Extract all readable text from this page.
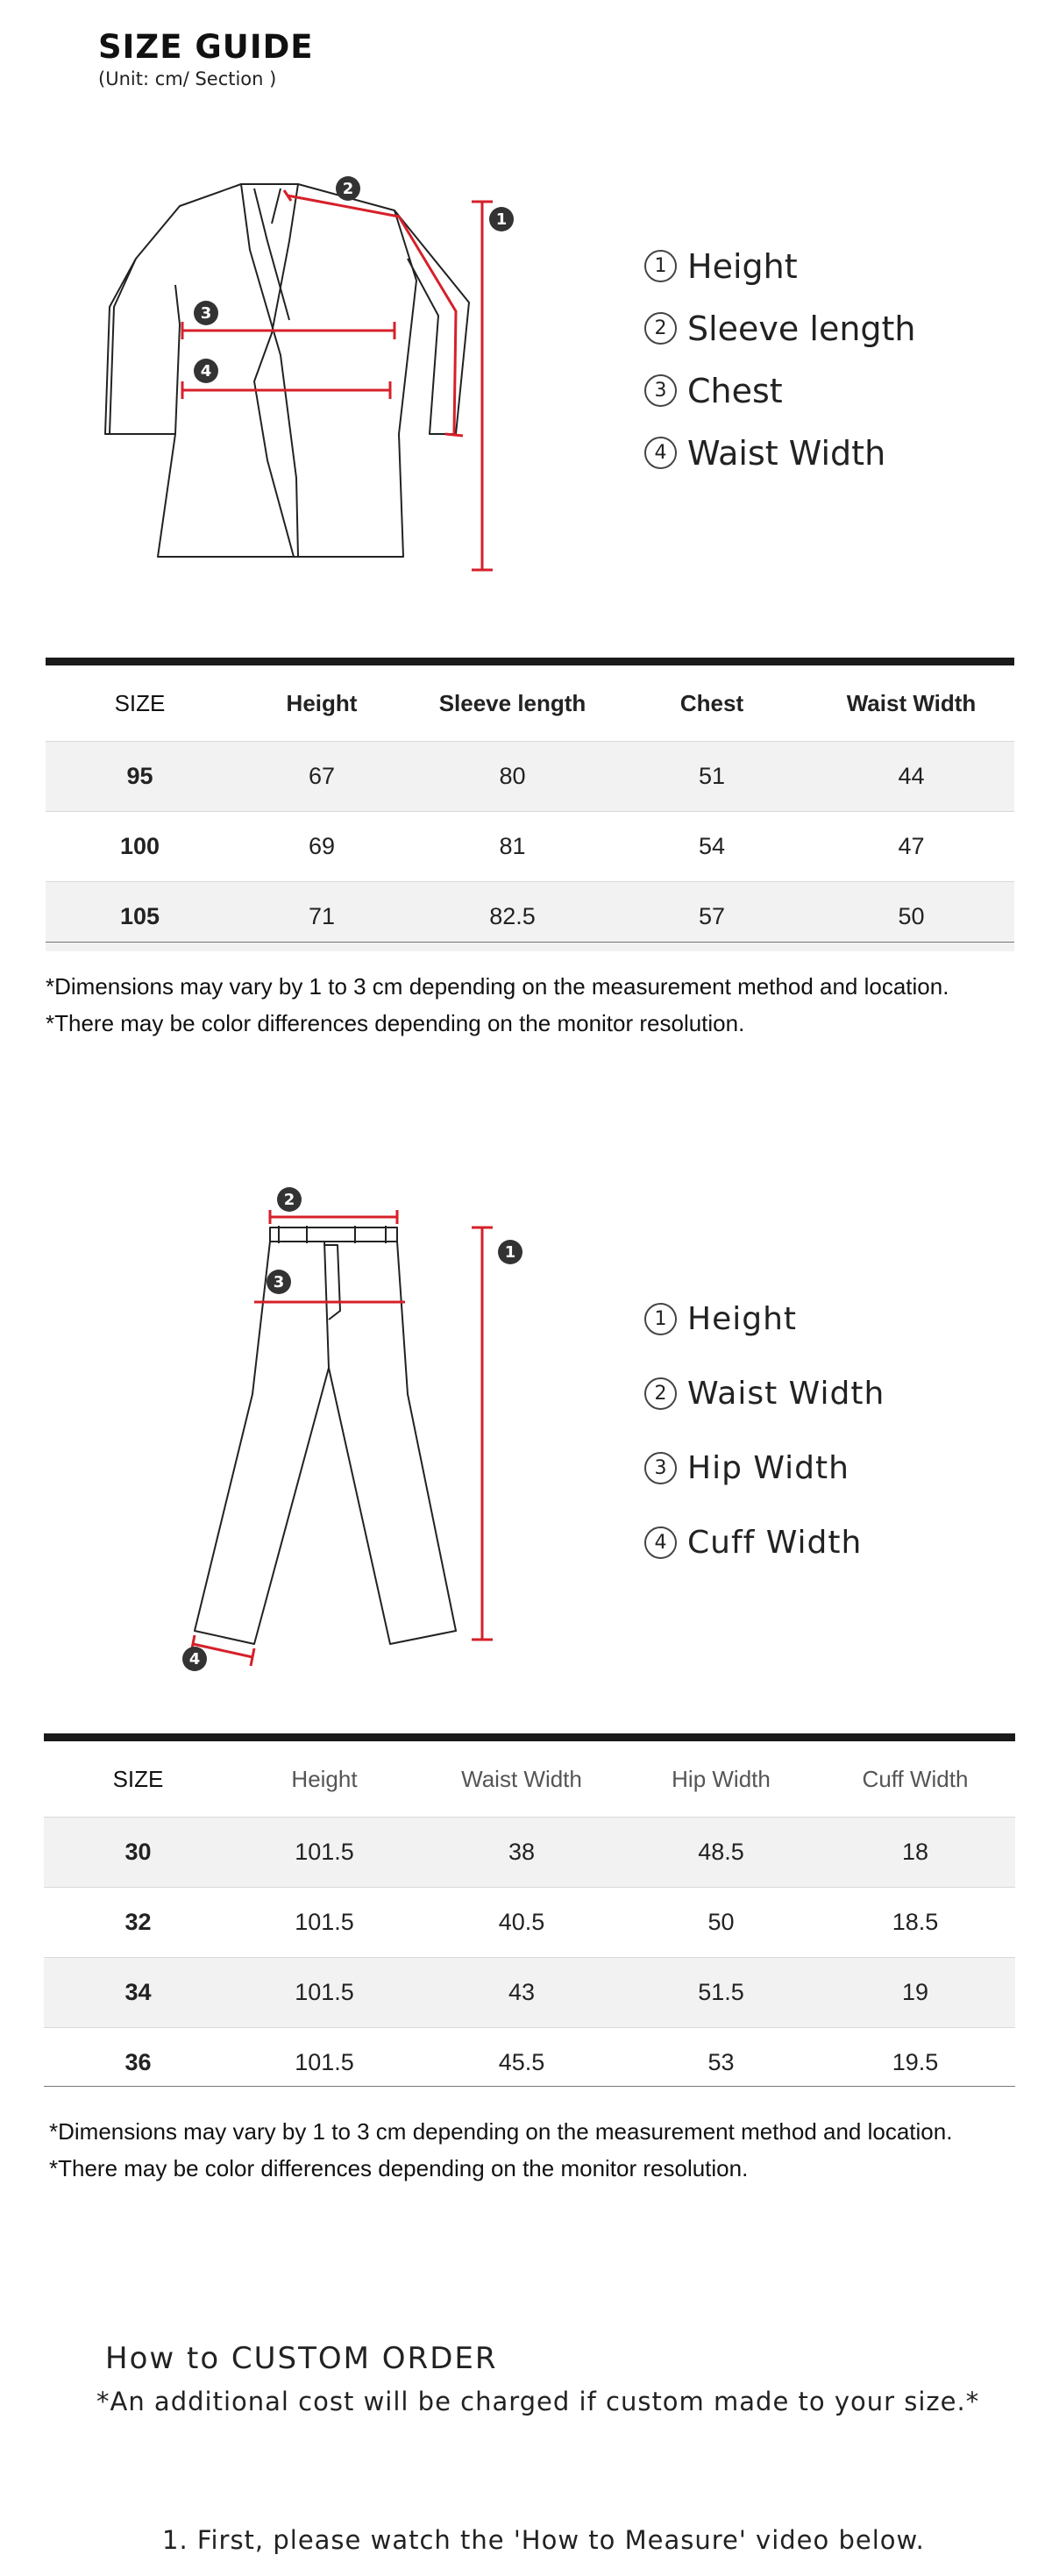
SIZE GUIDE
(Unit: cm/ Section )
1
2
3
4
1 Height
2 Sleeve length
3 Chest
4 Waist Width
SIZE	Height	Sleeve length	Chest	Waist Width
95	67	80	51	44
100	69	81	54	47
105	71	82.5	57	50
*Dimensions may vary by 1 to 3 cm depending on the measurement method and location.
*There may be color differences depending on the monitor resolution.
1
2
3
4
1 Height
2 Waist Width
3 Hip Width
4 Cuff Width
SIZE	Height	Waist Width	Hip Width	Cuff Width
30	101.5	38	48.5	18
32	101.5	40.5	50	18.5
34	101.5	43	51.5	19
36	101.5	45.5	53	19.5
*Dimensions may vary by 1 to 3 cm depending on the measurement method and location.
*There may be color differences depending on the monitor resolution.
How to CUSTOM ORDER
*An additional cost will be charged if custom made to your size.*
1. First, please watch the 'How to Measure' video below.
